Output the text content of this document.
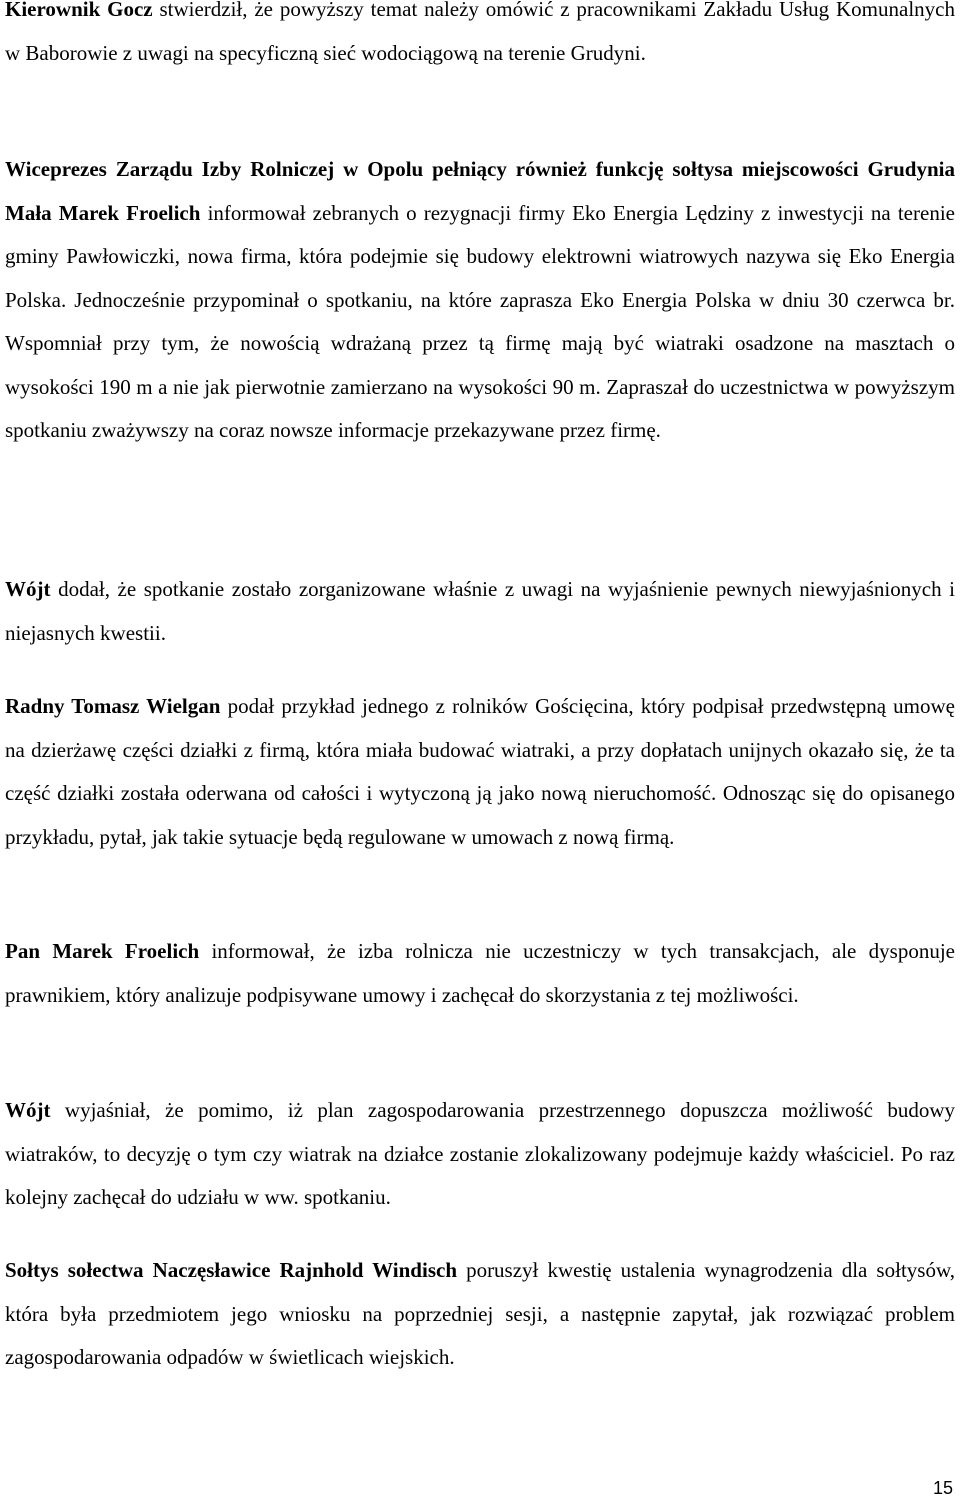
Kierownik Gocz stwierdził, że powyższy temat należy omówić z pracownikami Zakładu Usług Komunalnych w Baborowie z uwagi na specyficzną sieć wodociągową na terenie Grudyni.

Wiceprezes Zarządu Izby Rolniczej w Opolu pełniący również funkcję sołtysa miejscowości Grudynia Mała Marek Froelich informował zebranych o rezygnacji firmy Eko Energia Lędziny z inwestycji na terenie gminy Pawłowiczki, nowa firma, która podejmie się budowy elektrowni wiatrowych nazywa się Eko Energia Polska. Jednocześnie przypominał o spotkaniu, na które zaprasza Eko Energia Polska w dniu 30 czerwca br. Wspomniał przy tym, że nowością wdrażaną przez tą firmę mają być wiatraki osadzone na masztach o wysokości 190 m a nie jak pierwotnie zamierzano na wysokości 90 m. Zapraszał do uczestnictwa w powyższym spotkaniu zważywszy na coraz nowsze informacje przekazywane przez firmę.

Wójt dodał, że spotkanie zostało zorganizowane właśnie z uwagi na wyjaśnienie pewnych niewyjaśnionych i niejasnych kwestii.

Radny Tomasz Wielgan podał przykład jednego z rolników Gościęcina, który podpisał przedwstępną umowę na dzierżawę części działki z firmą, która miała budować wiatraki, a przy dopłatach unijnych okazało się, że ta część działki została oderwana od całości i wytyczoną ją jako nową nieruchomość. Odnosząc się do opisanego przykładu, pytał, jak takie sytuacje będą regulowane w umowach z nową firmą.

Pan Marek Froelich informował, że izba rolnicza nie uczestniczy w tych transakcjach, ale dysponuje prawnikiem, który analizuje podpisywane umowy i zachęcał do skorzystania z tej możliwości.

Wójt wyjaśniał, że pomimo, iż plan zagospodarowania przestrzennego dopuszcza możliwość budowy wiatraków, to decyzję o tym czy wiatrak na działce zostanie zlokalizowany podejmuje każdy właściciel. Po raz kolejny zachęcał do udziału w ww. spotkaniu.

Sołtys sołectwa Naczęsławice Rajnhold Windisch poruszył kwestię ustalenia wynagrodzenia dla sołtysów, która była przedmiotem jego wniosku na poprzedniej sesji, a następnie zapytał, jak rozwiązać problem zagospodarowania odpadów w świetlicach wiejskich.

15
